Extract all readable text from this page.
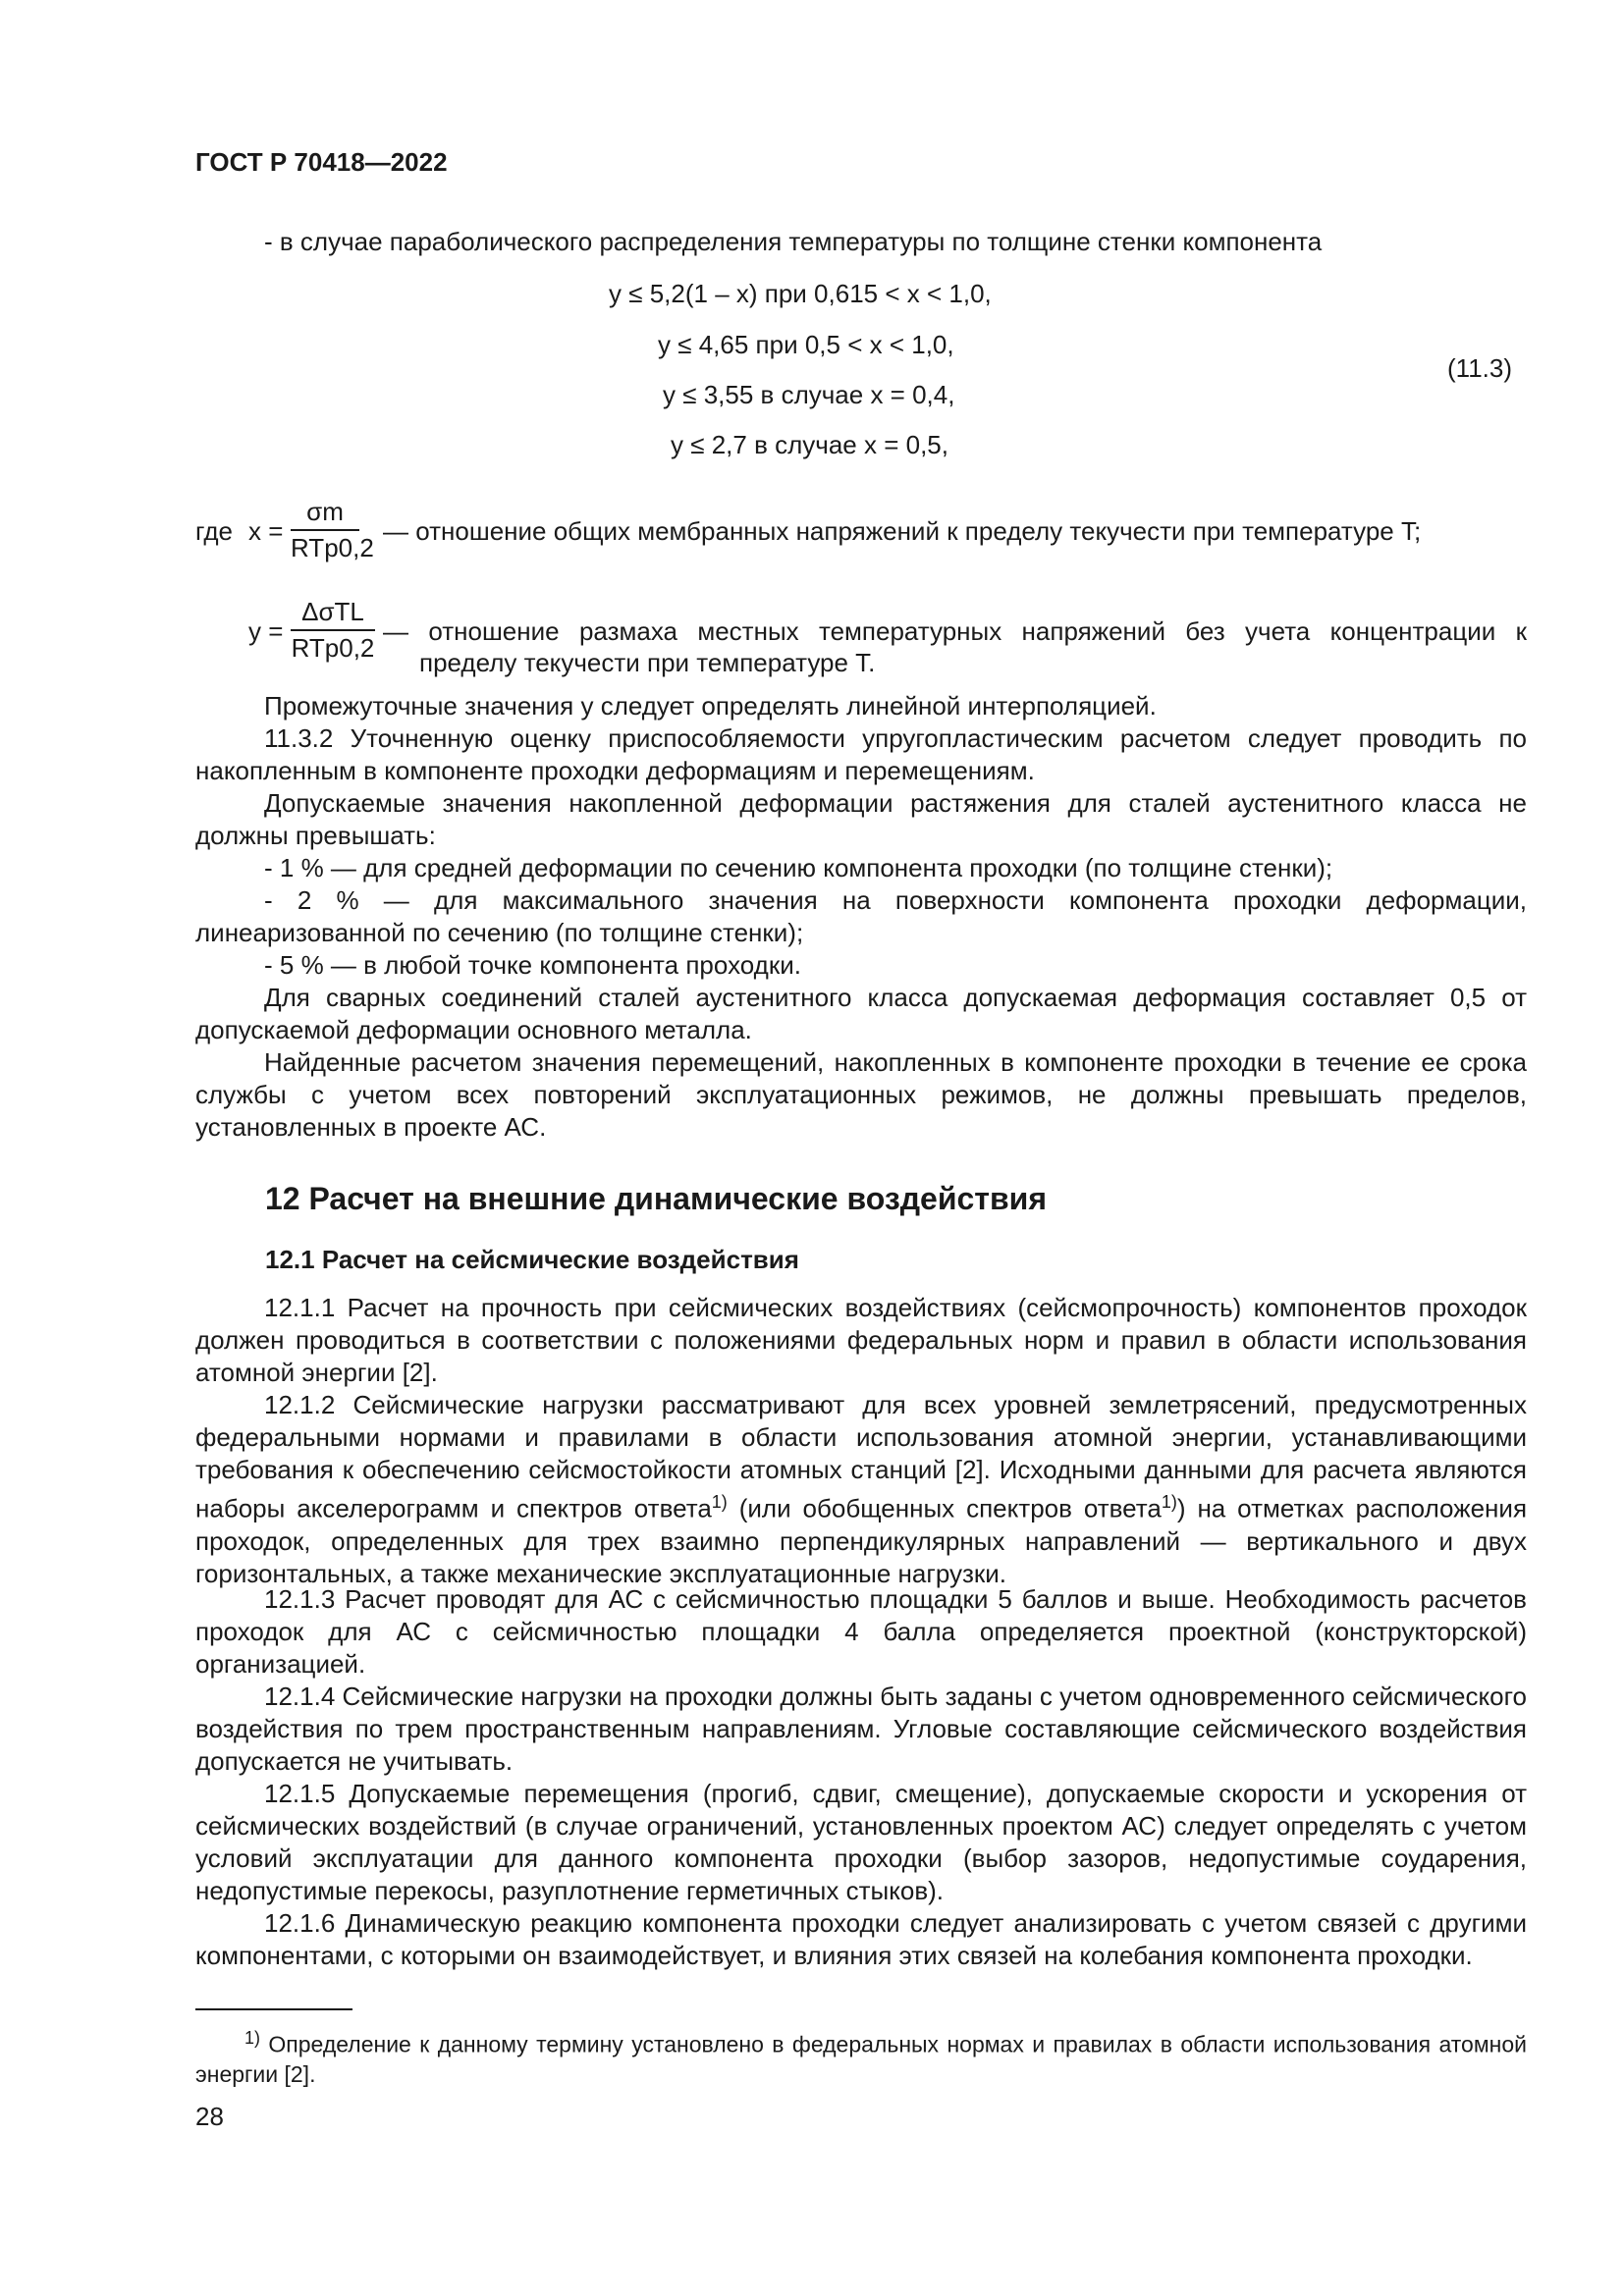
ГОСТ Р 70418—2022
- в случае параболического распределения температуры по толщине стенки компонента
y ≤ 5,2(1 – x) при 0,615 < x < 1,0,
y ≤ 4,65 при 0,5 < x < 1,0,
y ≤ 3,55 в случае x = 0,4,
y ≤ 2,7 в случае x = 0,5,
(11.3)
где x =
σm
RTp0,2
— отношение общих мембранных напряжений к пределу текучести при температуре T;
y =
ΔσTL
RTp0,2
— отношение размаха местных температурных напряжений без учета концентрации к
пределу текучести при температуре T.
Промежуточные значения y следует определять линейной интерполяцией.
11.3.2 Уточненную оценку приспособляемости упругопластическим расчетом следует проводить по накопленным в компоненте проходки деформациям и перемещениям.
Допускаемые значения накопленной деформации растяжения для сталей аустенитного класса не должны превышать:
- 1 % — для средней деформации по сечению компонента проходки (по толщине стенки);
- 2 % — для максимального значения на поверхности компонента проходки деформации, линеаризованной по сечению (по толщине стенки);
- 5 % — в любой точке компонента проходки.
Для сварных соединений сталей аустенитного класса допускаемая деформация составляет 0,5 от допускаемой деформации основного металла.
Найденные расчетом значения перемещений, накопленных в компоненте проходки в течение ее срока службы с учетом всех повторений эксплуатационных режимов, не должны превышать пределов, установленных в проекте АС.
12 Расчет на внешние динамические воздействия
12.1 Расчет на сейсмические воздействия
12.1.1 Расчет на прочность при сейсмических воздействиях (сейсмопрочность) компонентов проходок должен проводиться в соответствии с положениями федеральных норм и правил в области использования атомной энергии [2].
12.1.2 Сейсмические нагрузки рассматривают для всех уровней землетрясений, предусмотренных федеральными нормами и правилами в области использования атомной энергии, устанавливающими требования к обеспечению сейсмостойкости атомных станций [2]. Исходными данными для расчета являются наборы акселерограмм и спектров ответа$^{1)}$ (или обобщенных спектров ответа$^{1)}$) на отметках расположения проходок, определенных для трех взаимно перпендикулярных направлений — вертикального и двух горизонтальных, а также механические эксплуатационные нагрузки.
12.1.3 Расчет проводят для АС с сейсмичностью площадки 5 баллов и выше. Необходимость расчетов проходок для АС с сейсмичностью площадки 4 балла определяется проектной (конструкторской) организацией.
12.1.4 Сейсмические нагрузки на проходки должны быть заданы с учетом одновременного сейсмического воздействия по трем пространственным направлениям. Угловые составляющие сейсмического воздействия допускается не учитывать.
12.1.5 Допускаемые перемещения (прогиб, сдвиг, смещение), допускаемые скорости и ускорения от сейсмических воздействий (в случае ограничений, установленных проектом АС) следует определять с учетом условий эксплуатации для данного компонента проходки (выбор зазоров, недопустимые соударения, недопустимые перекосы, разуплотнение герметичных стыков).
12.1.6 Динамическую реакцию компонента проходки следует анализировать с учетом связей с другими компонентами, с которыми он взаимодействует, и влияния этих связей на колебания компонента проходки.
$^{1)}$ Определение к данному термину установлено в федеральных нормах и правилах в области использования атомной энергии [2].
28
